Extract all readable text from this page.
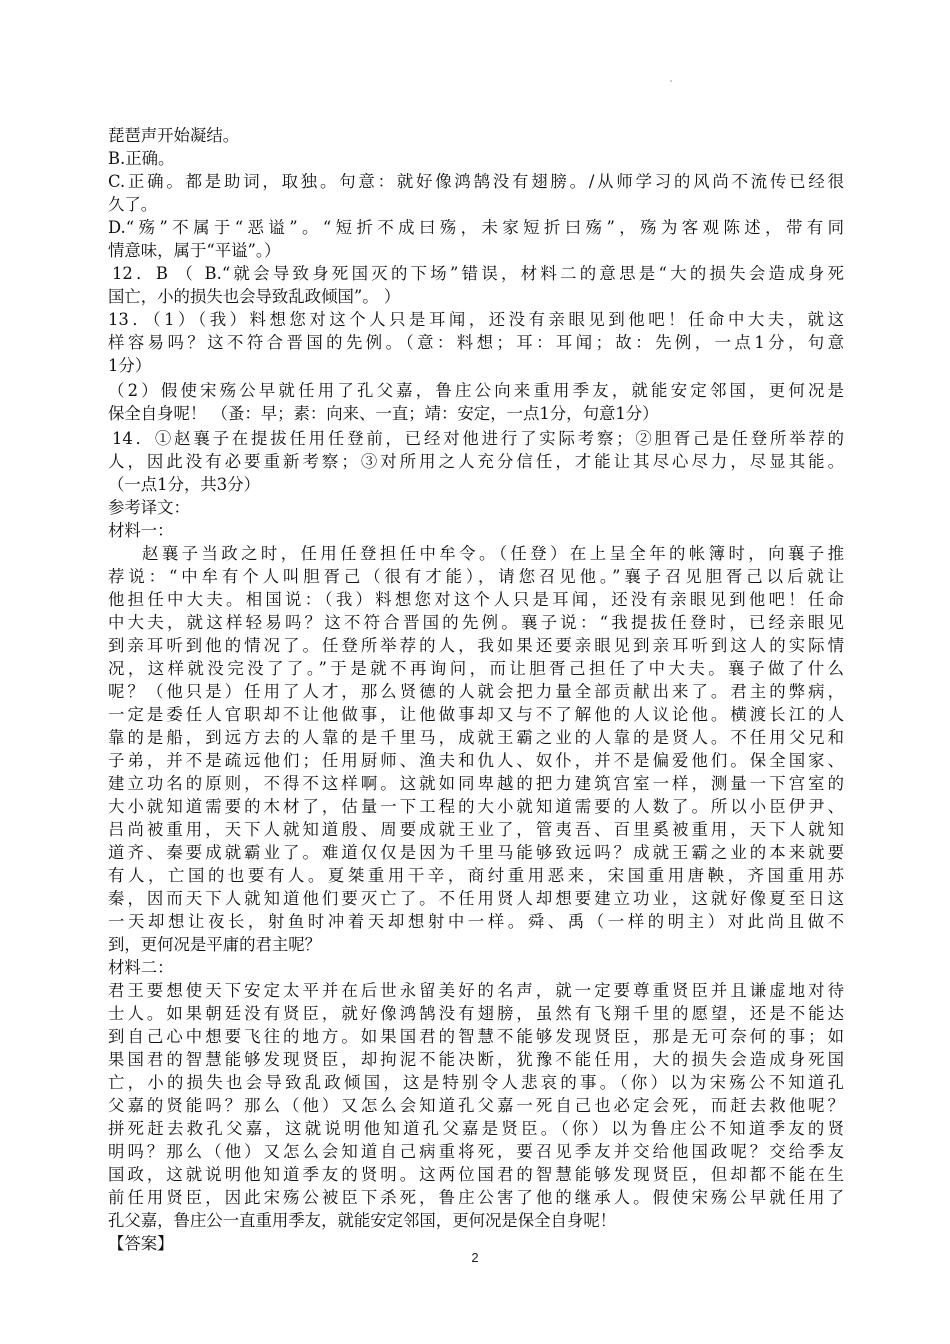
琵琶声开始凝结。
B.正确。
C.正确。都是助词，取独。句意：就好像鸿鹄没有翅膀。/从师学习的风尚不流传已经很
久了。
D.“殇”不属于“恶谥”。“短折不成曰殇，未家短折曰殇”，殇为客观陈述，带有同
情意味，属于“平谥”。）
12．B （ B.“就会导致身死国灭的下场”错误，材料二的意思是“大的损失会造成身死
国亡，小的损失也会导致乱政倾国”。 ）
13．（1）（我）料想您对这个人只是耳闻，还没有亲眼见到他吧！任命中大夫，就这
样容易吗？这不符合晋国的先例。（意：料想；耳：耳闻；故：先例，一点1分，句意
1分）
（2）假使宋殇公早就任用了孔父嘉，鲁庄公向来重用季友，就能安定邻国，更何况是
保全自身呢！ （蚤：早；素：向来、一直；靖：安定，一点1分，句意1分）
14．①赵襄子在提拔任用任登前，已经对他进行了实际考察；②胆胥己是任登所举荐的
人，因此没有必要重新考察；③对所用之人充分信任，才能让其尽心尽力，尽显其能。
（一点1分，共3分）
参考译文：
材料一：
赵襄子当政之时，任用任登担任中牟令。（任登）在上呈全年的帐簿时，向襄子推
荐说：“中牟有个人叫胆胥己（很有才能），请您召见他。”襄子召见胆胥己以后就让
他担任中大夫。相国说：（我）料想您对这个人只是耳闻，还没有亲眼见到他吧！任命
中大夫，就这样轻易吗？这不符合晋国的先例。襄子说：“我提拔任登时，已经亲眼见
到亲耳听到他的情况了。任登所举荐的人，我如果还要亲眼见到亲耳听到这人的实际情
况，这样就没完没了了。”于是就不再询问，而让胆胥己担任了中大夫。襄子做了什么
呢？（他只是）任用了人才，那么贤德的人就会把力量全部贡献出来了。君主的弊病，
一定是委任人官职却不让他做事，让他做事却又与不了解他的人议论他。横渡长江的人
靠的是船，到远方去的人靠的是千里马，成就王霸之业的人靠的是贤人。不任用父兄和
子弟，并不是疏远他们；任用厨师、渔夫和仇人、奴仆，并不是偏爱他们。保全国家、
建立功名的原则，不得不这样啊。这就如同卑越的把力建筑宫室一样，测量一下宫室的
大小就知道需要的木材了，估量一下工程的大小就知道需要的人数了。所以小臣伊尹、
吕尚被重用，天下人就知道殷、周要成就王业了，管夷吾、百里奚被重用，天下人就知
道齐、秦要成就霸业了。难道仅仅是因为千里马能够致远吗？成就王霸之业的本来就要
有人，亡国的也要有人。夏桀重用干辛，商纣重用恶来，宋国重用唐鞅，齐国重用苏
秦，因而天下人就知道他们要灭亡了。不任用贤人却想要建立功业，这就好像夏至日这
一天却想让夜长，射鱼时冲着天却想射中一样。舜、禹（一样的明主）对此尚且做不
到，更何况是平庸的君主呢？
材料二：
君王要想使天下安定太平并在后世永留美好的名声，就一定要尊重贤臣并且谦虚地对待
士人。如果朝廷没有贤臣，就好像鸿鹄没有翅膀，虽然有飞翔千里的愿望，还是不能达
到自己心中想要飞往的地方。如果国君的智慧不能够发现贤臣，那是无可奈何的事；如
果国君的智慧能够发现贤臣，却拘泥不能决断，犹豫不能任用，大的损失会造成身死国
亡，小的损失也会导致乱政倾国，这是特别令人悲哀的事。（你）以为宋殇公不知道孔
父嘉的贤能吗？那么（他）又怎么会知道孔父嘉一死自己也必定会死，而赶去救他呢？
拼死赶去救孔父嘉，这就说明他知道孔父嘉是贤臣。（你）以为鲁庄公不知道季友的贤
明吗？那么（他）又怎么会知道自己病重将死，要召见季友并交给他国政呢？交给季友
国政，这就说明他知道季友的贤明。这两位国君的智慧能够发现贤臣，但却都不能在生
前任用贤臣，因此宋殇公被臣下杀死，鲁庄公害了他的继承人。假使宋殇公早就任用了
孔父嘉，鲁庄公一直重用季友，就能安定邻国，更何况是保全自身呢！
【答案】
2
